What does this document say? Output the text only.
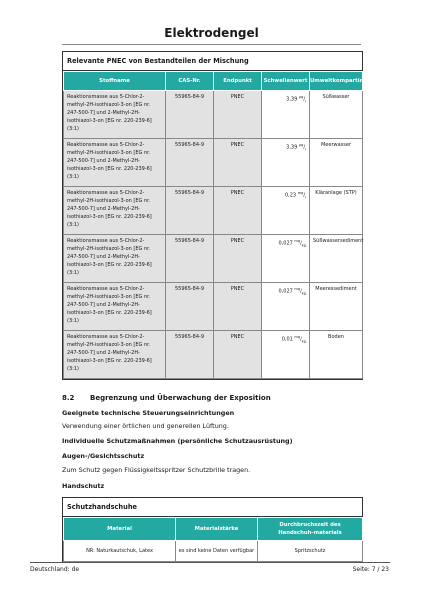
Elektrodengel
Relevante PNEC von Bestandteilen der Mischung
Stoffname	CAS-Nr.	Endpunkt	Schwellenwert	Umweltkompartiment
Reaktionsmasse aus 5-Chlor-2-methyl-2H-isothiazol-3-on [EG nr. 247-500-7] und 2-Methyl-2H-isothiazol-3-on [EG nr. 220-239-6] (3:1)	55965-84-9	PNEC	3,39 $^{\mu g}/_l$	Süßwasser
Reaktionsmasse aus 5-Chlor-2-methyl-2H-isothiazol-3-on [EG nr. 247-500-7] und 2-Methyl-2H-isothiazol-3-on [EG nr. 220-239-6] (3:1)	55965-84-9	PNEC	3,39 $^{\mu g}/_l$	Meerwasser
Reaktionsmasse aus 5-Chlor-2-methyl-2H-isothiazol-3-on [EG nr. 247-500-7] und 2-Methyl-2H-isothiazol-3-on [EG nr. 220-239-6] (3:1)	55965-84-9	PNEC	0,23 $^{mg}/_l$	Kläranlage (STP)
Reaktionsmasse aus 5-Chlor-2-methyl-2H-isothiazol-3-on [EG nr. 247-500-7] und 2-Methyl-2H-isothiazol-3-on [EG nr. 220-239-6] (3:1)	55965-84-9	PNEC	0,027 $^{mg}/_{kg}$	Süßwassersediment
Reaktionsmasse aus 5-Chlor-2-methyl-2H-isothiazol-3-on [EG nr. 247-500-7] und 2-Methyl-2H-isothiazol-3-on [EG nr. 220-239-6] (3:1)	55965-84-9	PNEC	0,027 $^{mg}/_{kg}$	Meeressediment
Reaktionsmasse aus 5-Chlor-2-methyl-2H-isothiazol-3-on [EG nr. 247-500-7] und 2-Methyl-2H-isothiazol-3-on [EG nr. 220-239-6] (3:1)	55965-84-9	PNEC	0,01 $^{mg}/_{kg}$	Boden
8.2 Begrenzung und Überwachung der Exposition
Geeignete technische Steuerungseinrichtungen
Verwendung einer örtlichen und generellen Lüftung.
Individuelle Schutzmaßnahmen (persönliche Schutzausrüstung)
Augen-/Gesichtsschutz
Zum Schutz gegen Flüssigkeitsspritzer Schutzbrille tragen.
Handschutz
Schutzhandschuhe
Material	Materialstärke	Durchbruchszeit des Handschuh-materials
NR: Naturkautschuk, Latex	es sind keine Daten verfügbar	Spritzschutz
Deutschland: de	Seite: 7 / 23
